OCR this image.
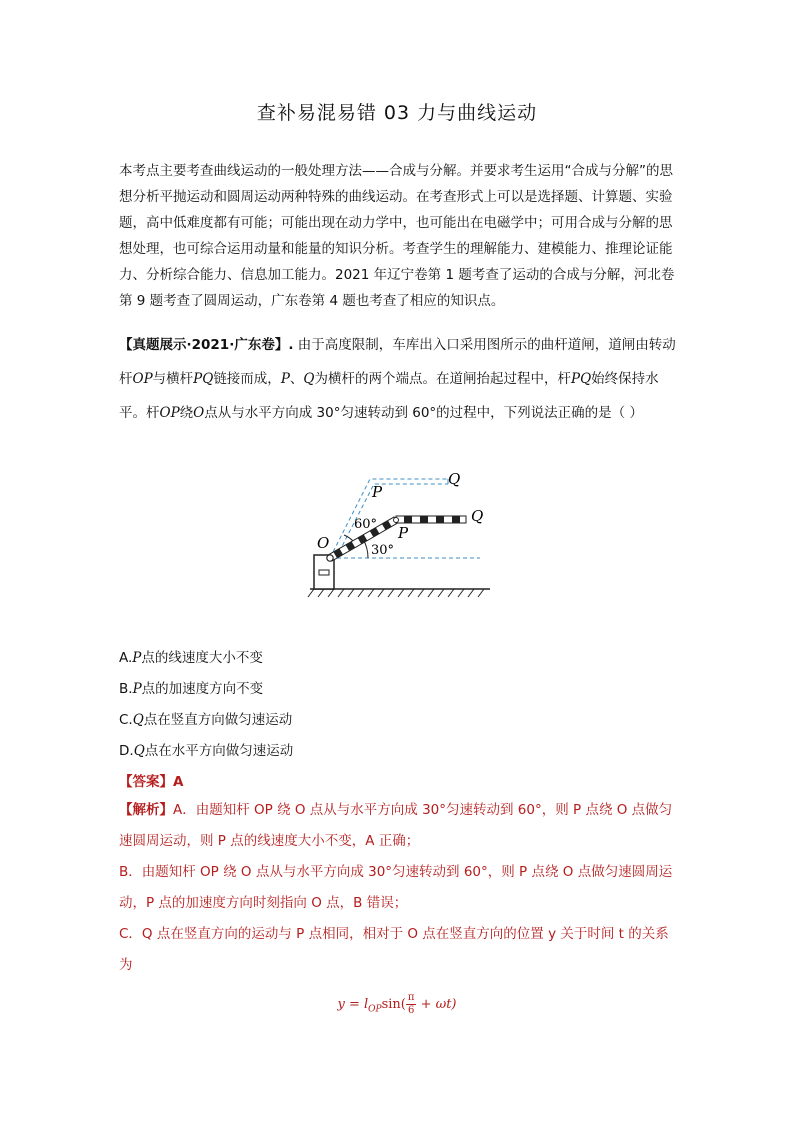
查补易混易错 03 力与曲线运动
本考点主要考查曲线运动的一般处理方法——合成与分解。并要求考生运用“合成与分解”的思想分析平抛运动和圆周运动两种特殊的曲线运动。在考查形式上可以是选择题、计算题、实验题，高中低难度都有可能；可能出现在动力学中，也可能出在电磁学中；可用合成与分解的思想处理，也可综合运用动量和能量的知识分析。考查学生的理解能力、建模能力、推理论证能力、分析综合能力、信息加工能力。2021 年辽宁卷第 1 题考查了运动的合成与分解，河北卷第 9 题考查了圆周运动，广东卷第 4 题也考查了相应的知识点。
【真题展示·2021·广东卷】. 由于高度限制，车库出入口采用图所示的曲杆道闸，道闸由转动杆OP与横杆PQ链接而成，P、Q为横杆的两个端点。在道闸抬起过程中，杆PQ始终保持水平。杆OP绕O点从与水平方向成 30°匀速转动到 60°的过程中，下列说法正确的是（ ）
Q
P
60°	Q
P
O	30°
A.P点的线速度大小不变
B.P点的加速度方向不变
C.Q点在竖直方向做匀速运动
D.Q点在水平方向做匀速运动
【答案】A
【解析】A．由题知杆 OP 绕 O 点从与水平方向成 30°匀速转动到 60°，则 P 点绕 O 点做匀速圆周运动，则 P 点的线速度大小不变，A 正确；
B．由题知杆 OP 绕 O 点从与水平方向成 30°匀速转动到 60°，则 P 点绕 O 点做匀速圆周运动，P 点的加速度方向时刻指向 O 点，B 错误；
C．Q 点在竖直方向的运动与 P 点相同，相对于 O 点在竖直方向的位置 y 关于时间 t 的关系为
$y = l_{OP}\sin( \frac{\pi}{6} + \omega t)$
